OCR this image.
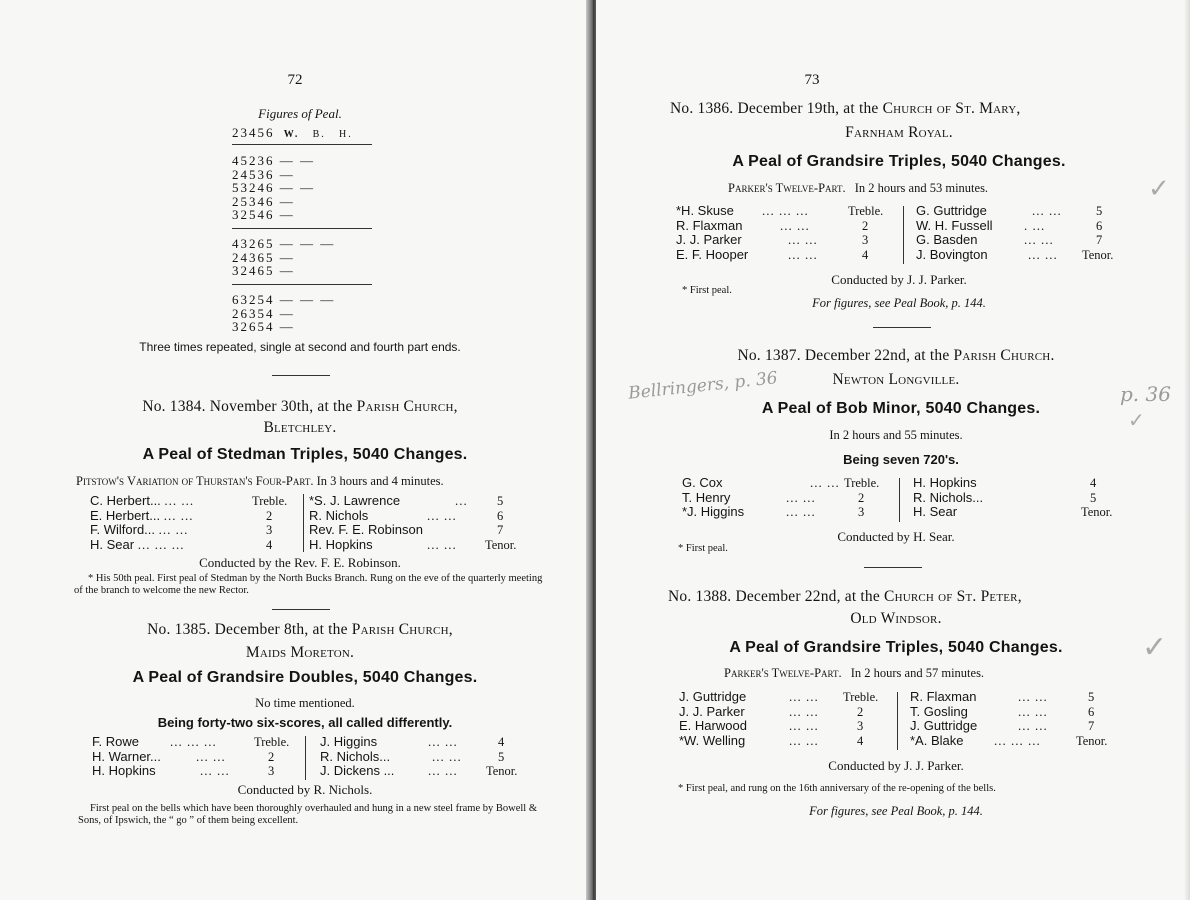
72
Figures of Peal.
23456 W. B. H.
45236 — —
24536 —
53246 — —
25346 —
32546 —
43265 — — —
24365 —
32465 —
63254 — — —
26354 —
32654 —
Three times repeated, single at second and fourth part ends.
No. 1384. November 30th, at the Parish Church,
Bletchley.
A Peal of Stedman Triples, 5040 Changes.
Pitstow's Variation of Thurstan's Four-Part. In 3 hours and 4 minutes.
C. Herbert... ... ...	Treble.
E. Herbert... ... ...	2
F. Wilford... ... ...	3
H. Sear ... ... ...	4
*S. J. Lawrence	... 5
R. Nichols	... ...	6
Rev. F. E. Robinson	7
H. Hopkins	... ... Tenor.
Conducted by the Rev. F. E. Robinson.
* His 50th peal. First peal of Stedman by the North Bucks Branch. Rung on the eve of the quarterly meeting of the branch to welcome the new Rector.
No. 1385. December 8th, at the Parish Church,
Maids Moreton.
A Peal of Grandsire Doubles, 5040 Changes.
No time mentioned.
Being forty-two six-scores, all called differently.
F. Rowe ... ... ...	Treble.
H. Warner...	... ...	2
H. Hopkins	... ...	3
J. Higgins	... ...	4
R. Nichols...	... ...	5
J. Dickens ...	... ... Tenor.
Conducted by R. Nichols.
First peal on the bells which have been thoroughly overhauled and hung in a new steel frame by Bowell & Sons, of Ipswich, the “ go ” of them being excellent.
73
No. 1386. December 19th, at the Church of St. Mary,
Farnham Royal.
A Peal of Grandsire Triples, 5040 Changes.
Parker's Twelve-Part. In 2 hours and 53 minutes.
*H. Skuse ... ... ...	Treble.
R. Flaxman	... ...	2
J. J. Parker	... ...	3
E. F. Hooper	... ...	4
G. Guttridge	... ...	5
W. H. Fussell . ...	6
G. Basden	... ...	7
J. Bovington	... ... Tenor.
Conducted by J. J. Parker.
* First peal.
For figures, see Peal Book, p. 144.
No. 1387. December 22nd, at the Parish Church.
Newton Longville.
A Peal of Bob Minor, 5040 Changes.
In 2 hours and 55 minutes.
Being seven 720's.
G. Cox	... ... Treble.
T. Henry	... ...	2
*J. Higgins	... ...	3
H. Hopkins	4
R. Nichols...	5
H. Sear	Tenor.
Conducted by H. Sear.
* First peal.
No. 1388. December 22nd, at the Church of St. Peter,
Old Windsor.
A Peal of Grandsire Triples, 5040 Changes.
Parker's Twelve-Part. In 2 hours and 57 minutes.
J. Guttridge	... ... Treble.
J. J. Parker	... ...	2
E. Harwood	... ...	3
*W. Welling	... ...	4
R. Flaxman	... ...	5
T. Gosling	... ...	6
J. Guttridge	... ...	7
*A. Blake ... ... ...	Tenor.
Conducted by J. J. Parker.
* First peal, and rung on the 16th anniversary of the re-opening of the bells.
For figures, see Peal Book, p. 144.
Bellringers, p. 36	p. 36
✓
✓
✓
